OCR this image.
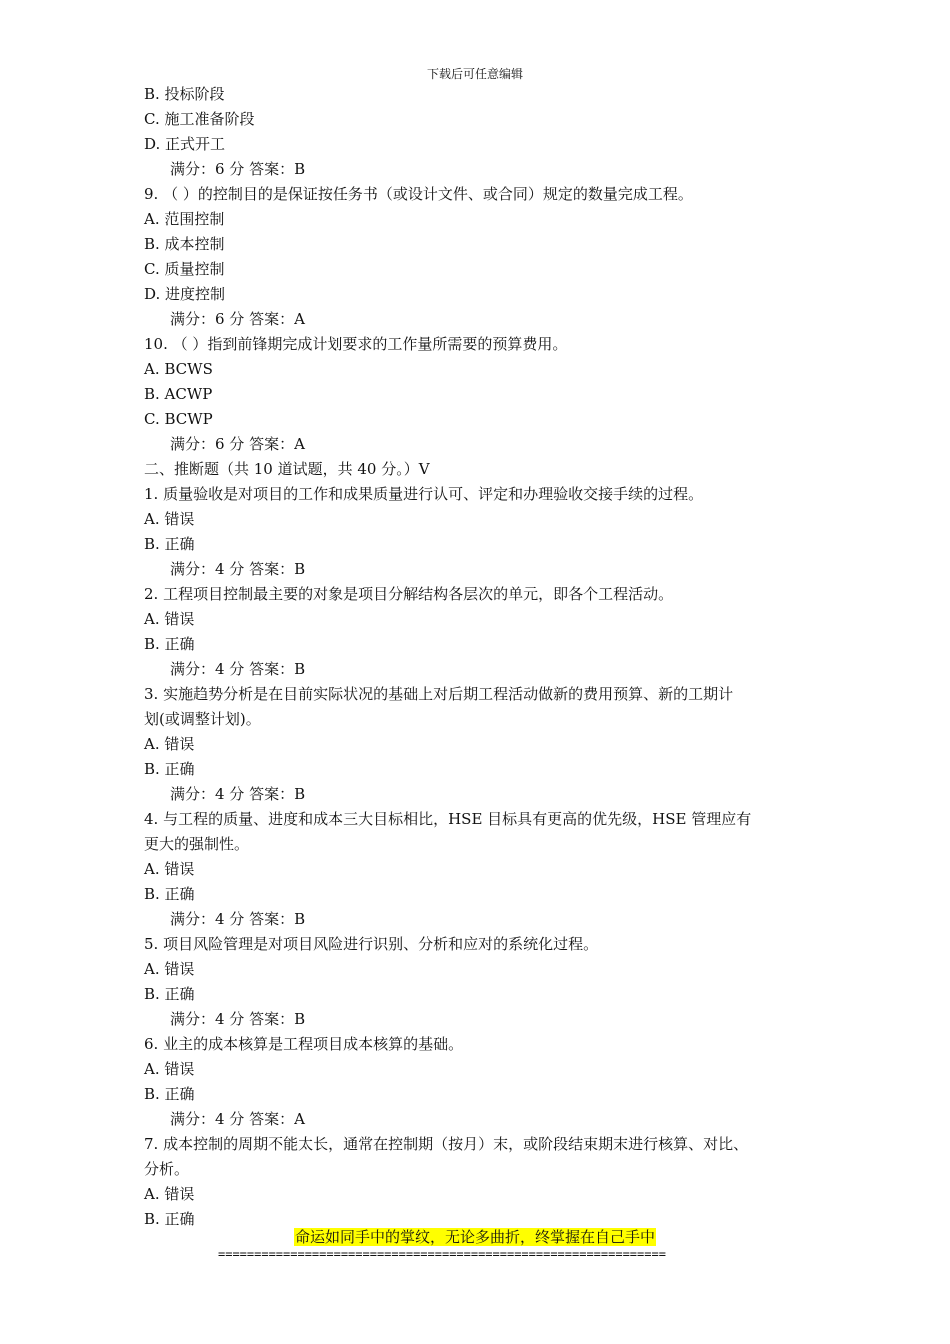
下载后可任意编辑
B. 投标阶段
C. 施工准备阶段
D. 正式开工
满分：6 分 答案：B
9. （ ）的控制目的是保证按任务书（或设计文件、或合同）规定的数量完成工程。
A. 范围控制
B. 成本控制
C. 质量控制
D. 进度控制
满分：6 分 答案：A
10. （ ）指到前锋期完成计划要求的工作量所需要的预算费用。
A. BCWS
B. ACWP
C. BCWP
满分：6 分 答案：A
二、推断题（共 10 道试题，共 40 分。）V
1. 质量验收是对项目的工作和成果质量进行认可、评定和办理验收交接手续的过程。
A. 错误
B. 正确
满分：4 分 答案：B
2. 工程项目控制最主要的对象是项目分解结构各层次的单元，即各个工程活动。
A. 错误
B. 正确
满分：4 分 答案：B
3. 实施趋势分析是在目前实际状况的基础上对后期工程活动做新的费用预算、新的工期计
划(或调整计划)。
A. 错误
B. 正确
满分：4 分 答案：B
4. 与工程的质量、进度和成本三大目标相比，HSE 目标具有更高的优先级，HSE 管理应有
更大的强制性。
A. 错误
B. 正确
满分：4 分 答案：B
5. 项目风险管理是对项目风险进行识别、分析和应对的系统化过程。
A. 错误
B. 正确
满分：4 分 答案：B
6. 业主的成本核算是工程项目成本核算的基础。
A. 错误
B. 正确
满分：4 分 答案：A
7. 成本控制的周期不能太长，通常在控制期（按月）末，或阶段结束期末进行核算、对比、
分析。
A. 错误
B. 正确
命运如同手中的掌纹，无论多曲折，终掌握在自己手中
==============================================================
